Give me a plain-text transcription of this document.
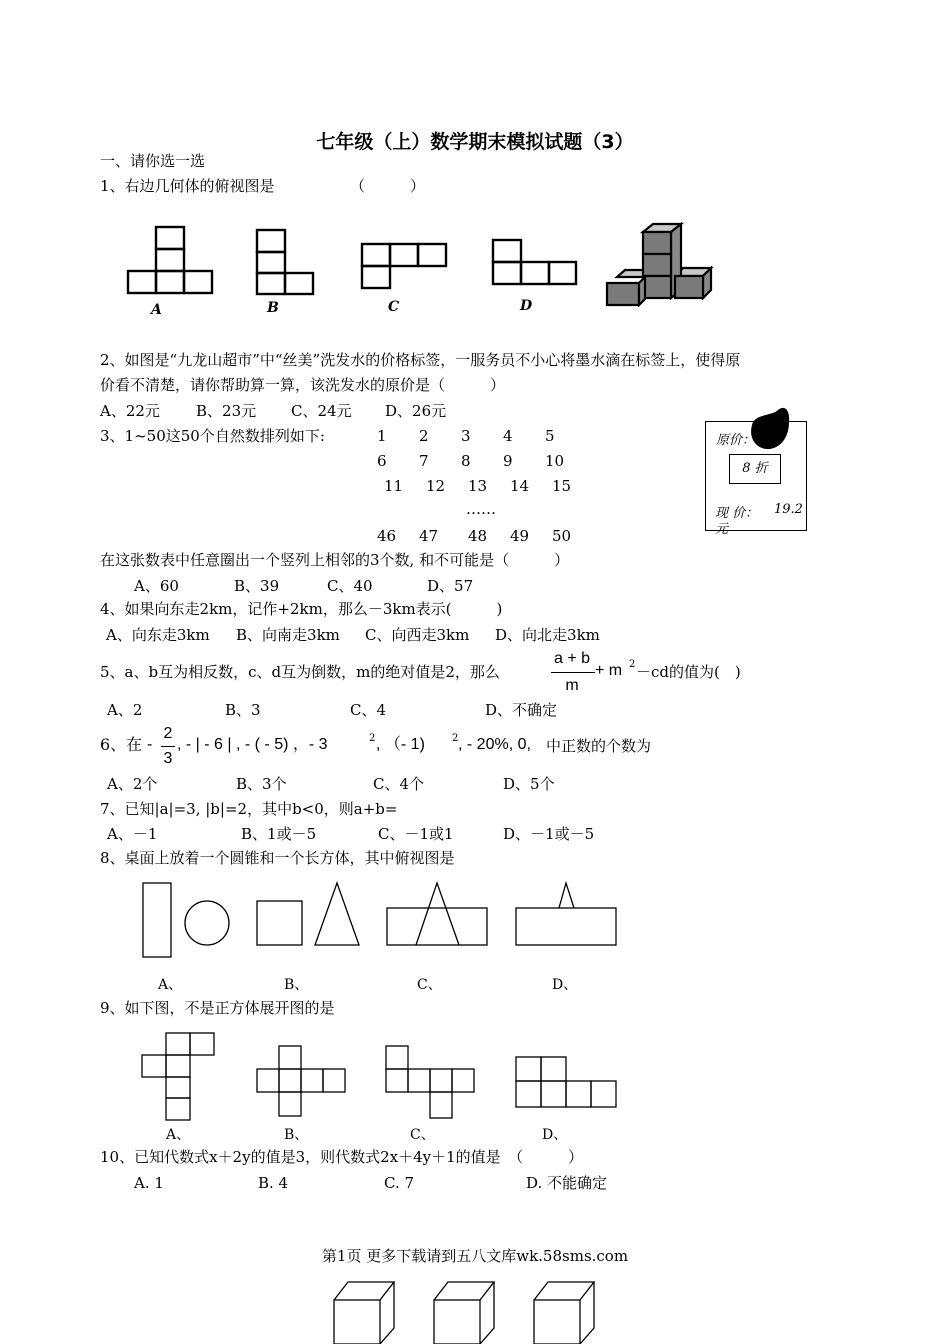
七年级（上）数学期末模拟试题（3）
一、请你选一选
1、右边几何体的俯视图是	（　　　）
A	B	C	D
2、如图是“九龙山超市”中“丝美”洗发水的价格标签，一服务员不小心将墨水滴在标签上，使得原
价看不清楚，请你帮助算一算，该洗发水的原价是（　　　）
A、22元 B、23元 C、24元 D、26元
原价：
8 折
现 价： 19.2
元
3、1~50这50个自然数排列如下:	1 2 3 4 5
6 7 8 9 10
11 12 13 14 15
……
46 47 48 49 50
在这张数表中任意圈出一个竖列上相邻的3个数, 和不可能是（　　　）
A、60	B、39	C、40	D、57
4、如果向东走2km，记作+2km，那么－3km表示(　　　)
A、向东走3km B、向南走3km C、向西走3km D、向北走3km
5、a、b互为相反数，c、d互为倒数，m的绝对值是2，那么
a + b
m
+ m 2 －cd的值为(　)
A、2	B、3	C、4	D、不确定
6、在 -
2
3
, - | - 6 | , - ( - 5) ，- 3	2 , （- 1)	2 , - 20%, 0, 中正数的个数为
A、2个	B、3个	C、4个	D、5个
7、已知|a|=3, |b|=2，其中b<0，则a+b=
A、－1	B、1或－5	C、－1或1	D、－1或－5
8、桌面上放着一个圆锥和一个长方体，其中俯视图是
A、	B、	C、	D、
9、如下图，不是正方体展开图的是
A、	B、	C、	D、
10、已知代数式x＋2y的值是3，则代数式2x＋4y＋1的值是　（　　　）
A. 1	B. 4	C. 7	D. 不能确定
第1页 更多下载请到五八文库wk.58sms.com
